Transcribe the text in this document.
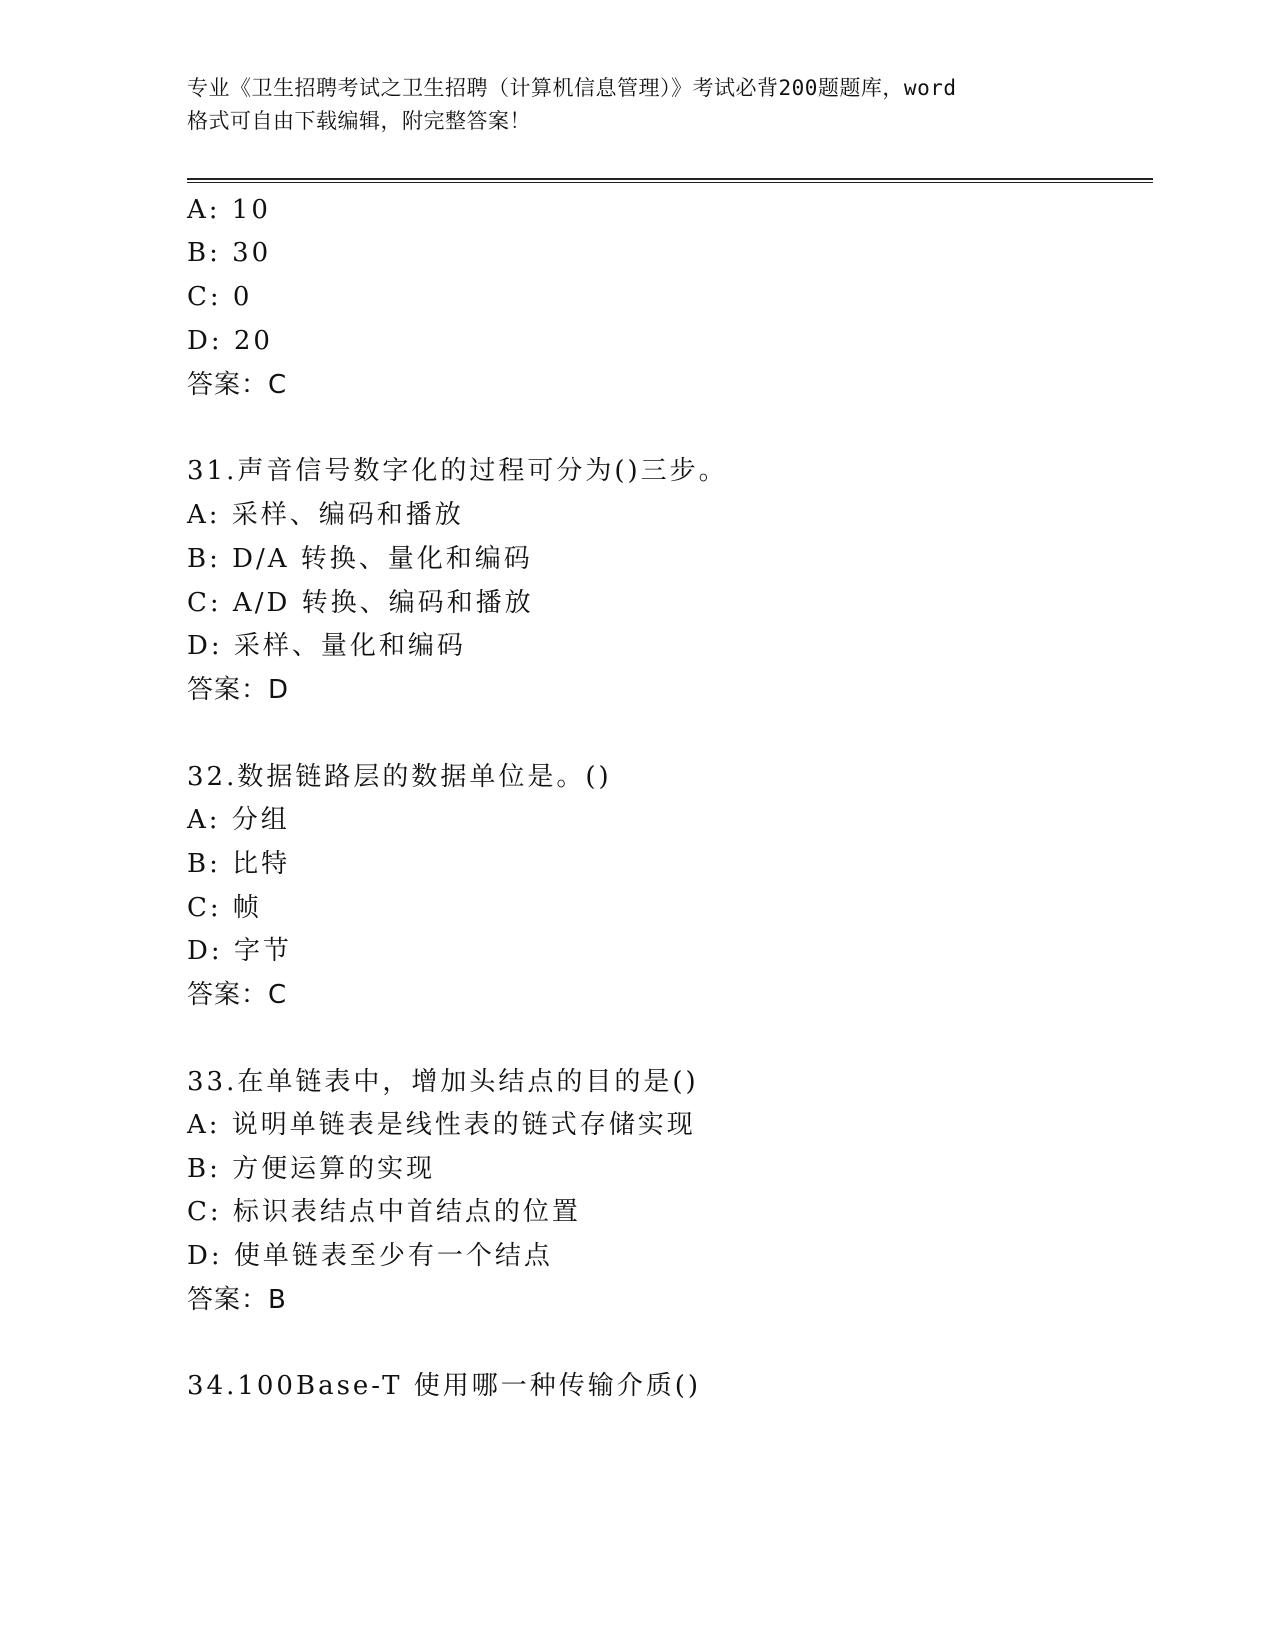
专业《卫生招聘考试之卫生招聘（计算机信息管理）》考试必背200题题库，word
格式可自由下载编辑，附完整答案！
A: 10
B: 30
C: 0
D: 20
答案：C
31.声音信号数字化的过程可分为()三步。
A: 采样、编码和播放
B: D/A 转换、量化和编码
C: A/D 转换、编码和播放
D: 采样、量化和编码
答案：D
32.数据链路层的数据单位是。()
A: 分组
B: 比特
C: 帧
D: 字节
答案：C
33.在单链表中，增加头结点的目的是()
A: 说明单链表是线性表的链式存储实现
B: 方便运算的实现
C: 标识表结点中首结点的位置
D: 使单链表至少有一个结点
答案：B
34.100Base-T 使用哪一种传输介质()
